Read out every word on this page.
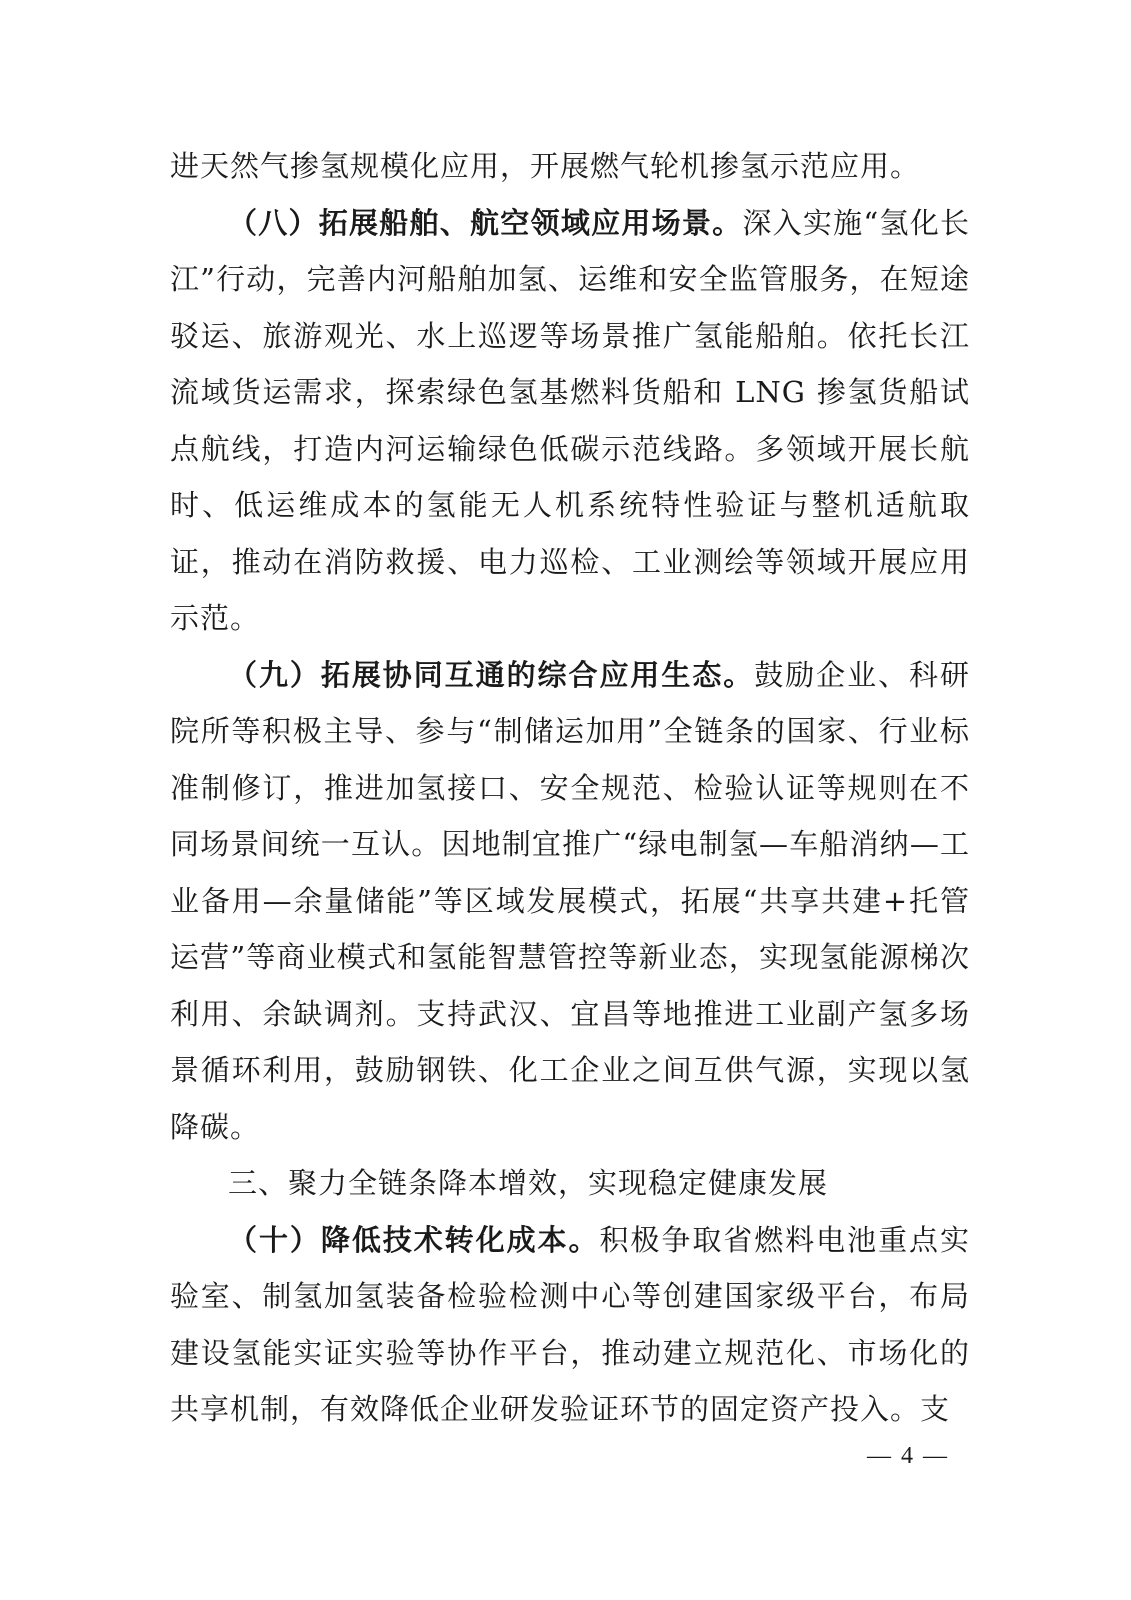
进天然气掺氢规模化应用，开展燃气轮机掺氢示范应用。

（八）拓展船舶、航空领域应用场景。深入实施“氢化长江”行动，完善内河船舶加氢、运维和安全监管服务，在短途驳运、旅游观光、水上巡逻等场景推广氢能船舶。依托长江流域货运需求，探索绿色氢基燃料货船和 LNG 掺氢货船试点航线，打造内河运输绿色低碳示范线路。多领域开展长航时、低运维成本的氢能无人机系统特性验证与整机适航取证，推动在消防救援、电力巡检、工业测绘等领域开展应用示范。

（九）拓展协同互通的综合应用生态。鼓励企业、科研院所等积极主导、参与“制储运加用”全链条的国家、行业标准制修订，推进加氢接口、安全规范、检验认证等规则在不同场景间统一互认。因地制宜推广“绿电制氢—车船消纳—工业备用—余量储能”等区域发展模式，拓展“共享共建+托管运营”等商业模式和氢能智慧管控等新业态，实现氢能源梯次利用、余缺调剂。支持武汉、宜昌等地推进工业副产氢多场景循环利用，鼓励钢铁、化工企业之间互供气源，实现以氢降碳。

三、聚力全链条降本增效，实现稳定健康发展

（十）降低技术转化成本。积极争取省燃料电池重点实验室、制氢加氢装备检验检测中心等创建国家级平台，布局建设氢能实证实验等协作平台，推动建立规范化、市场化的共享机制，有效降低企业研发验证环节的固定资产投入。支

— 4 —
